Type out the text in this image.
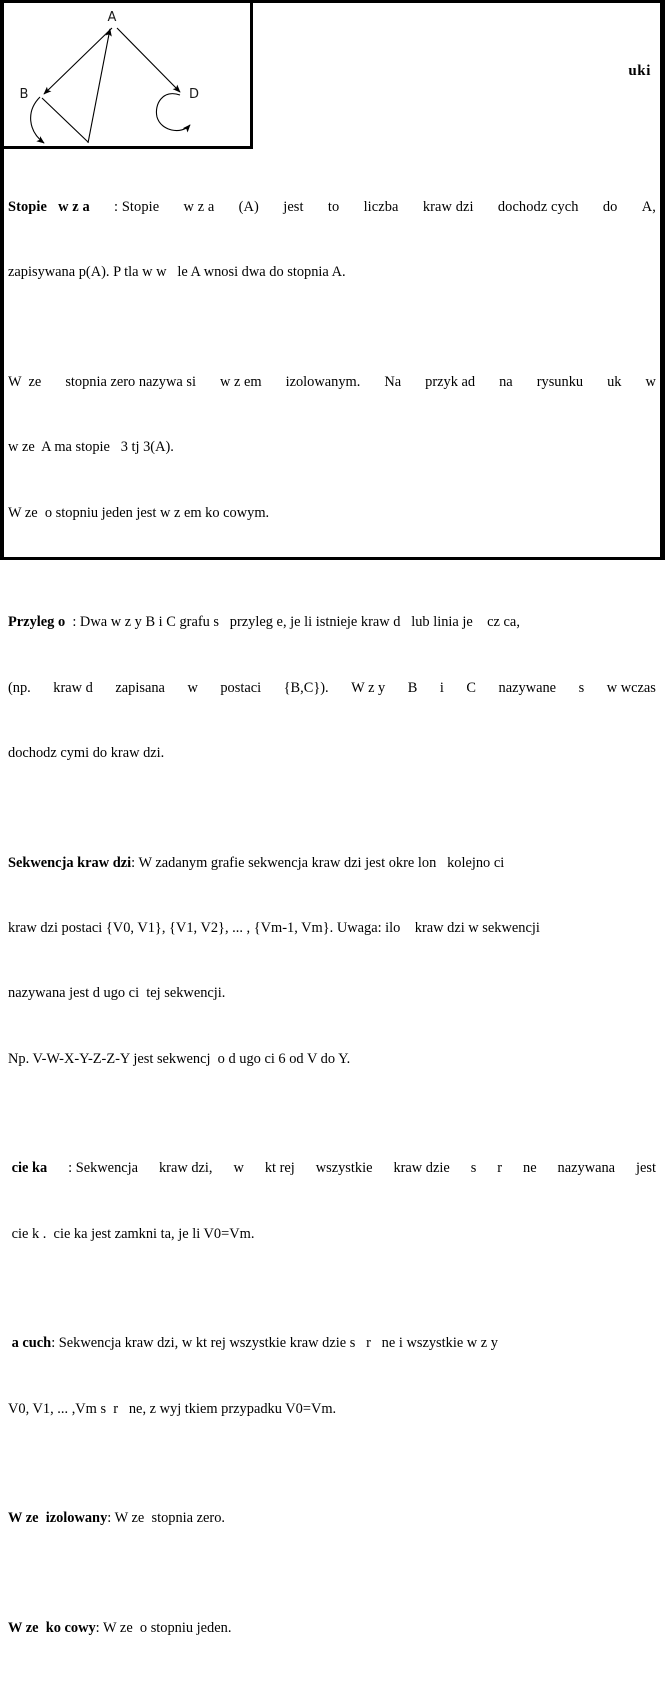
A
B	D
uki

Stopie   w z a : Stopie w z a (A) jest to liczba kraw dzi dochodz cych do A,

zapisywana p(A). P tla w w   le A wnosi dwa do stopnia A.

W  ze stopnia zero nazywa si w z em izolowanym. Na przyk ad na rysunku uk w

w ze  A ma stopie   3 tj 3(A).

W ze  o stopniu jeden jest w z em ko cowym.

Przyleg o  : Dwa w z y B i C grafu s   przyleg e, je li istnieje kraw d   lub linia je    cz ca,

(np. kraw d zapisana w postaci {B,C}). W z y B i C nazywane s w wczas

dochodz cymi do kraw dzi.

Sekwencja kraw dzi: W zadanym grafie sekwencja kraw dzi jest okre lon   kolejno ci

kraw dzi postaci {V0, V1}, {V1, V2}, ... , {Vm-1, Vm}. Uwaga: ilo    kraw dzi w sekwencji

nazywana jest d ugo ci  tej sekwencji.

Np. V-W-X-Y-Z-Z-Y jest sekwencj  o d ugo ci 6 od V do Y.

cie ka : Sekwencja kraw dzi, w kt rej wszystkie kraw dzie s r ne nazywana jest

cie k .  cie ka jest zamkni ta, je li V0=Vm.

a cuch: Sekwencja kraw dzi, w kt rej wszystkie kraw dzie s   r   ne i wszystkie w z y

V0, V1, ... ,Vm s  r   ne, z wyj tkiem przypadku V0=Vm.

W ze  izolowany: W ze  stopnia zero.

W ze  ko cowy: W ze  o stopniu jeden.
